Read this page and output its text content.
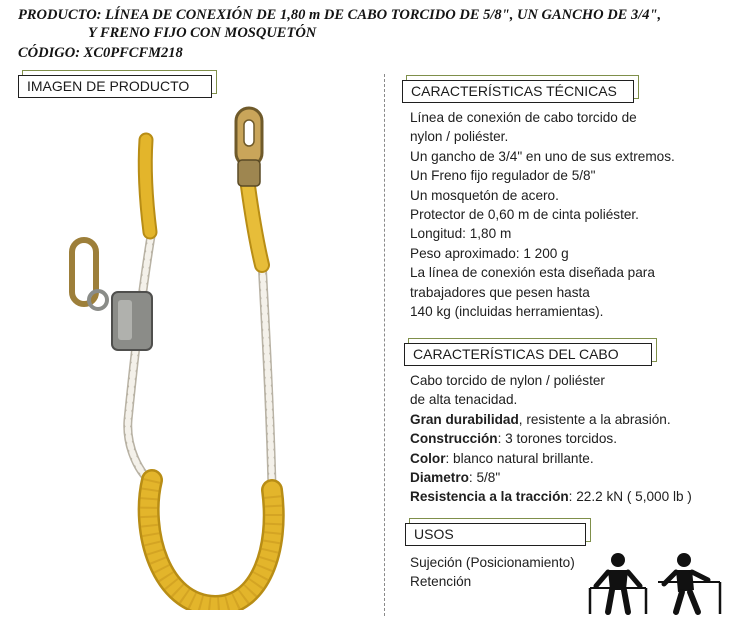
PRODUCTO: LÍNEA DE CONEXIÓN DE 1,80 m DE CABO TORCIDO DE 5/8", UN GANCHO DE 3/4",
Y FRENO FIJO CON MOSQUETÓN
CÓDIGO: XC0PFCFM218
IMAGEN DE PRODUCTO	CARACTERÍSTICAS TÉCNICAS
Línea de conexión de cabo torcido de
nylon / poliéster.
Un gancho de 3/4" en uno de sus extremos.
Un Freno fijo regulador de 5/8"
Un mosquetón de acero.
Protector de 0,60 m de cinta poliéster.
Longitud: 1,80 m
Peso aproximado: 1 200 g
La línea de conexión esta diseñada para
trabajadores que pesen hasta
140 kg (incluidas herramientas).
CARACTERÍSTICAS DEL CABO
Cabo torcido de nylon / poliéster
de alta tenacidad.
Gran durabilidad, resistente a la abrasión.
Construcción: 3 torones torcidos.
Color: blanco natural brillante.
Diametro: 5/8"
Resistencia a la tracción: 22.2 kN ( 5,000 lb )
USOS
Sujeción (Posicionamiento)
Retención
